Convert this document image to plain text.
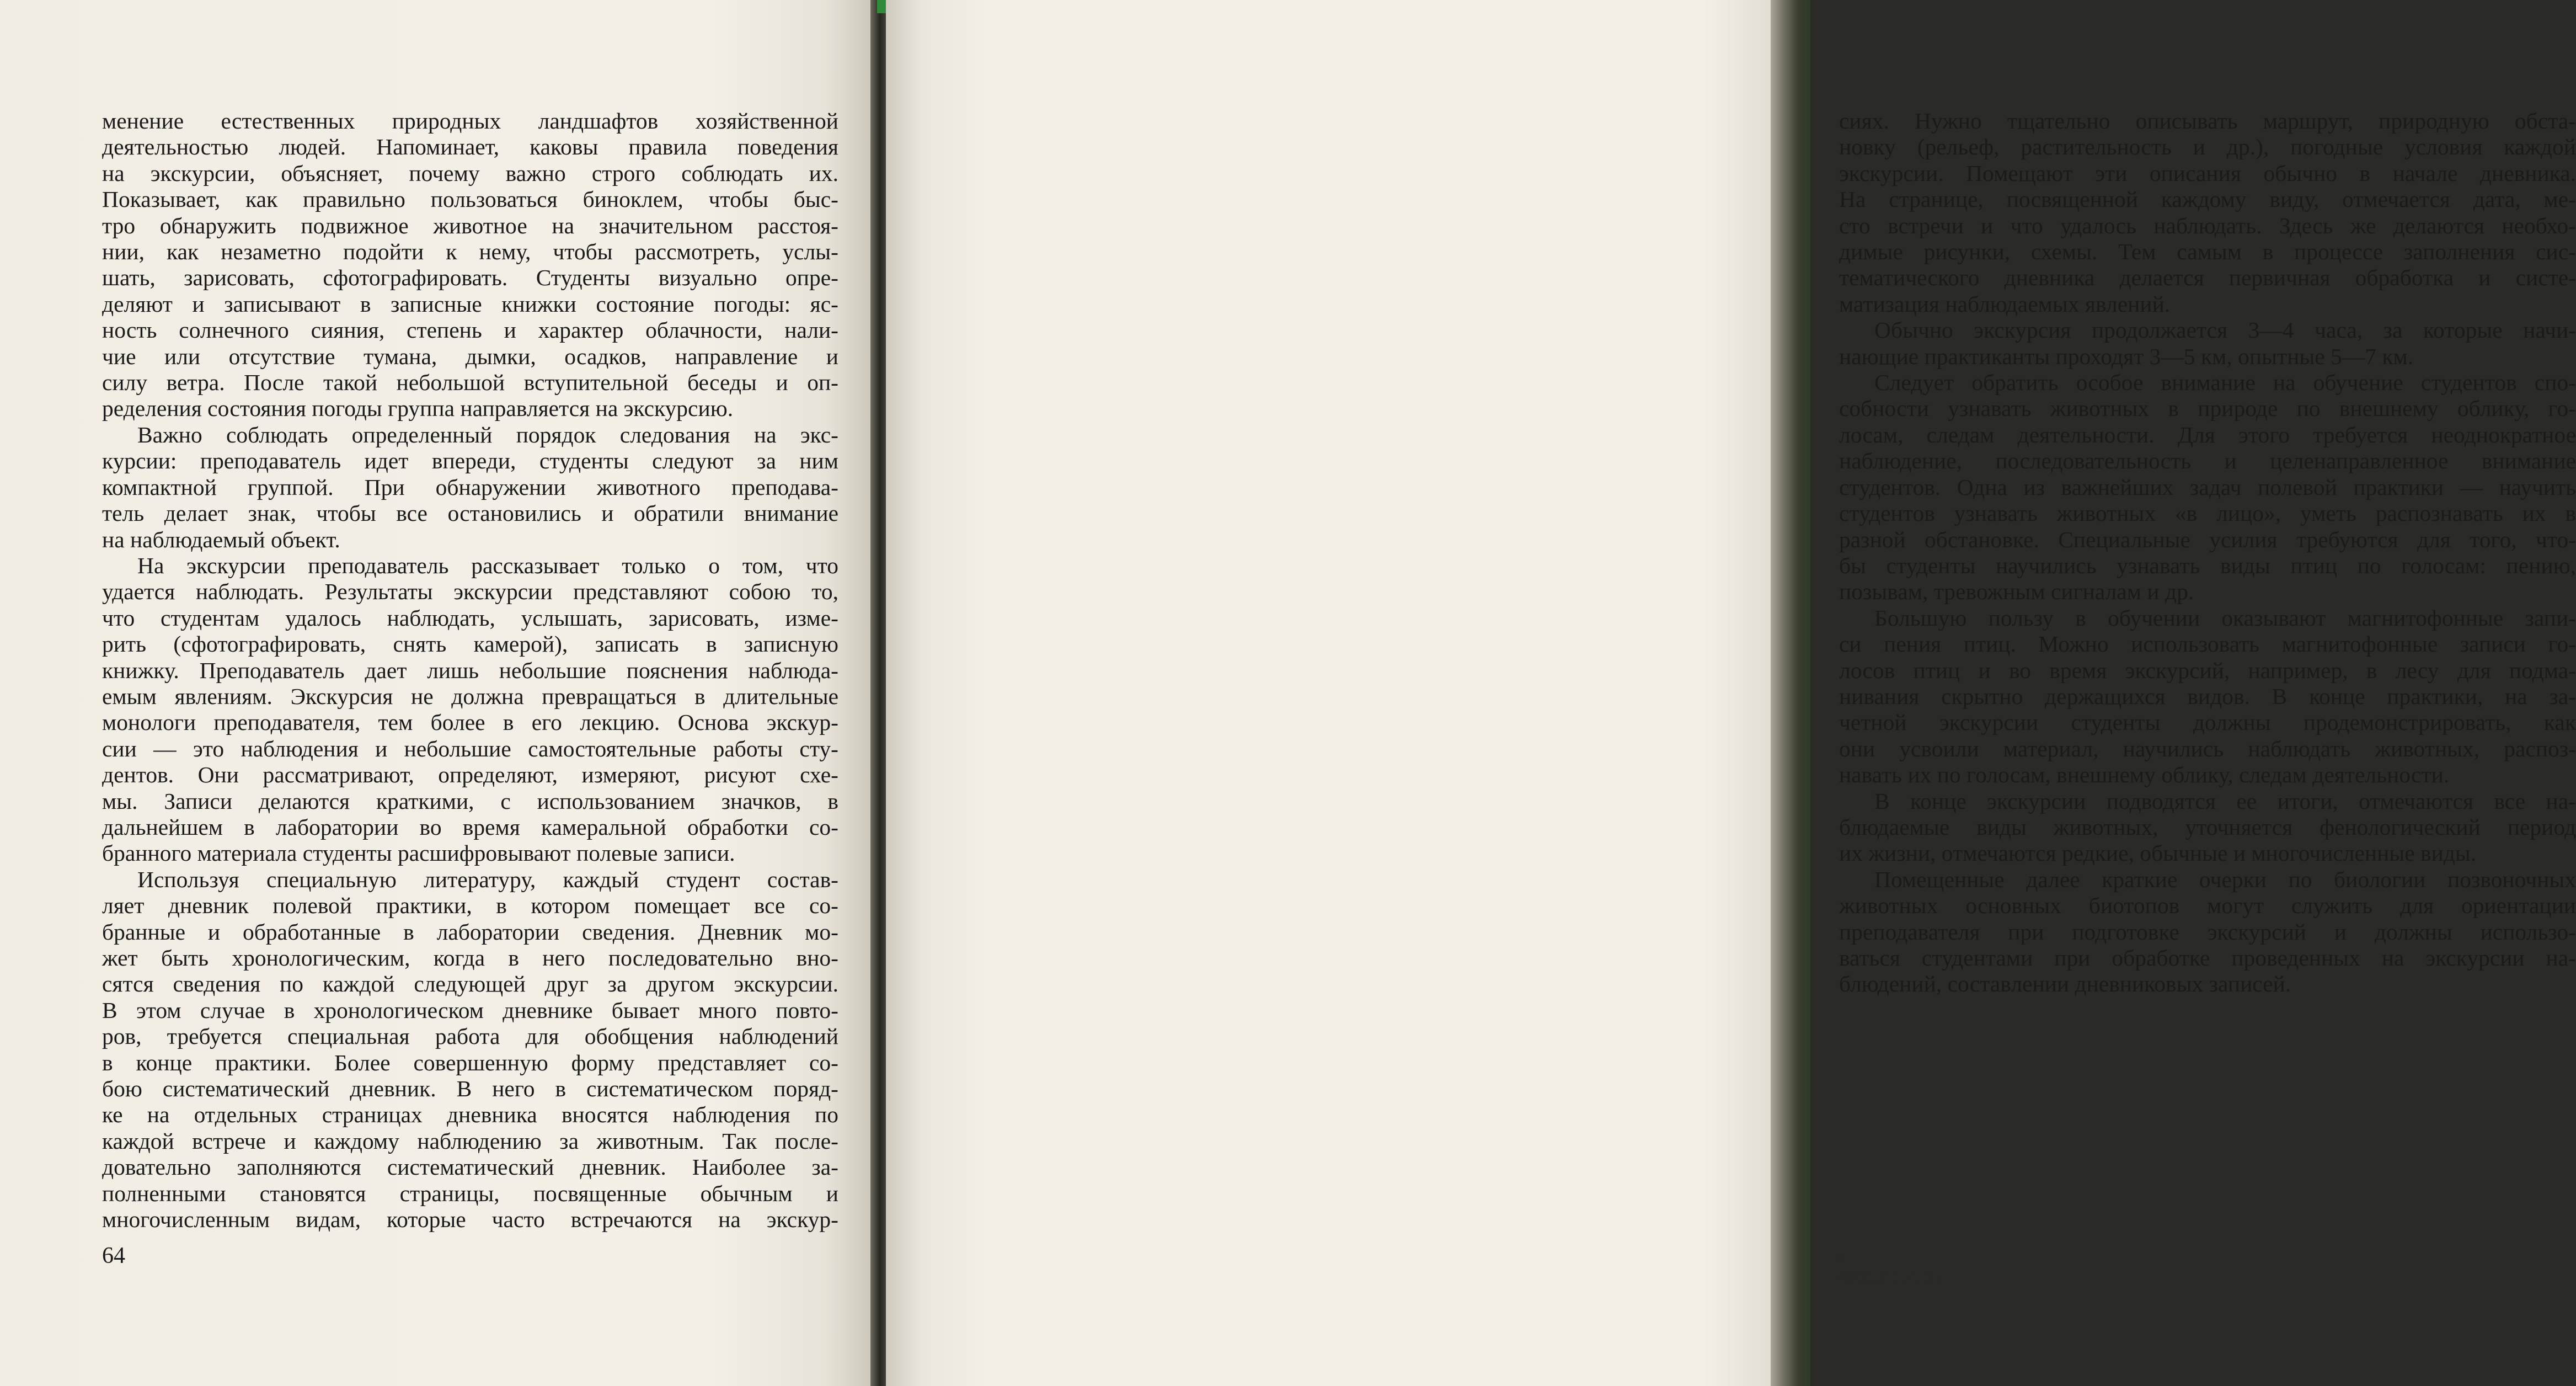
менение естественных природных ландшафтов хозяйственной
деятельностью людей. Напоминает, каковы правила поведения
на экскурсии, объясняет, почему важно строго соблюдать их.
Показывает, как правильно пользоваться биноклем, чтобы быс-
тро обнаружить подвижное животное на значительном расстоя-
нии, как незаметно подойти к нему, чтобы рассмотреть, услы-
шать, зарисовать, сфотографировать. Студенты визуально опре-
деляют и записывают в записные книжки состояние погоды: яс-
ность солнечного сияния, степень и характер облачности, нали-
чие или отсутствие тумана, дымки, осадков, направление и
силу ветра. После такой небольшой вступительной беседы и оп-
ределения состояния погоды группа направляется на экскурсию.
Важно соблюдать определенный порядок следования на экс-
курсии: преподаватель идет впереди, студенты следуют за ним
компактной группой. При обнаружении животного преподава-
тель делает знак, чтобы все остановились и обратили внимание
на наблюдаемый объект.
На экскурсии преподаватель рассказывает только о том, что
удается наблюдать. Результаты экскурсии представляют собою то,
что студентам удалось наблюдать, услышать, зарисовать, изме-
рить (сфотографировать, снять камерой), записать в записную
книжку. Преподаватель дает лишь небольшие пояснения наблюда-
емым явлениям. Экскурсия не должна превращаться в длительные
монологи преподавателя, тем более в его лекцию. Основа экскур-
сии — это наблюдения и небольшие самостоятельные работы сту-
дентов. Они рассматривают, определяют, измеряют, рисуют схе-
мы. Записи делаются краткими, с использованием значков, в
дальнейшем в лаборатории во время камеральной обработки со-
бранного материала студенты расшифровывают полевые записи.
Используя специальную литературу, каждый студент состав-
ляет дневник полевой практики, в котором помещает все со-
бранные и обработанные в лаборатории сведения. Дневник мо-
жет быть хронологическим, когда в него последовательно вно-
сятся сведения по каждой следующей друг за другом экскурсии.
В этом случае в хронологическом дневнике бывает много повто-
ров, требуется специальная работа для обобщения наблюдений
в конце практики. Более совершенную форму представляет со-
бою систематический дневник. В него в систематическом поряд-
ке на отдельных страницах дневника вносятся наблюдения по
каждой встрече и каждому наблюдению за животным. Так после-
довательно заполняются систематический дневник. Наиболее за-
полненными становятся страницы, посвященные обычным и
многочисленным видам, которые часто встречаются на экскур-
64
сиях. Нужно тщательно описывать маршрут, природную обста-
новку (рельеф, растительность и др.), погодные условия каждой
экскурсии. Помещают эти описания обычно в начале дневника.
На странице, посвященной каждому виду, отмечается дата, ме-
сто встречи и что удалось наблюдать. Здесь же делаются необхо-
димые рисунки, схемы. Тем самым в процессе заполнения сис-
тематического дневника делается первичная обработка и систе-
матизация наблюдаемых явлений.
Обычно экскурсия продолжается 3—4 часа, за которые начи-
нающие практиканты проходят 3—5 км, опытные 5—7 км.
Следует обратить особое внимание на обучение студентов спо-
собности узнавать животных в природе по внешнему облику, го-
лосам, следам деятельности. Для этого требуется неоднократное
наблюдение, последовательность и целенаправленное внимание
студентов. Одна из важнейших задач полевой практики — научить
студентов узнавать животных «в лицо», уметь распознавать их в
разной обстановке. Специальные усилия требуются для того, что-
бы студенты научились узнавать виды птиц по голосам: пению,
позывам, тревожным сигналам и др.
Большую пользу в обучении оказывают магнитофонные запи-
си пения птиц. Можно использовать магнитофонные записи го-
лосов птиц и во время экскурсий, например, в лесу для подма-
нивания скрытно держащихся видов. В конце практики, на за-
четной экскурсии студенты должны продемонстрировать, как
они усвоили материал, научились наблюдать животных, распоз-
навать их по голосам, внешнему облику, следам деятельности.
В конце экскурсии подводятся ее итоги, отмечаются все на-
блюдаемые виды животных, уточняется фенологический период
их жизни, отмечаются редкие, обычные и многочисленные виды.
Помещенные далее краткие очерки по биологии позвоночных
животных основных биотопов могут служить для ориентации
преподавателя при подготовке экскурсий и должны использо-
ваться студентами при обработке проведенных на экскурсии на-
блюдений, составлении дневниковых записей.
3 Константинов
